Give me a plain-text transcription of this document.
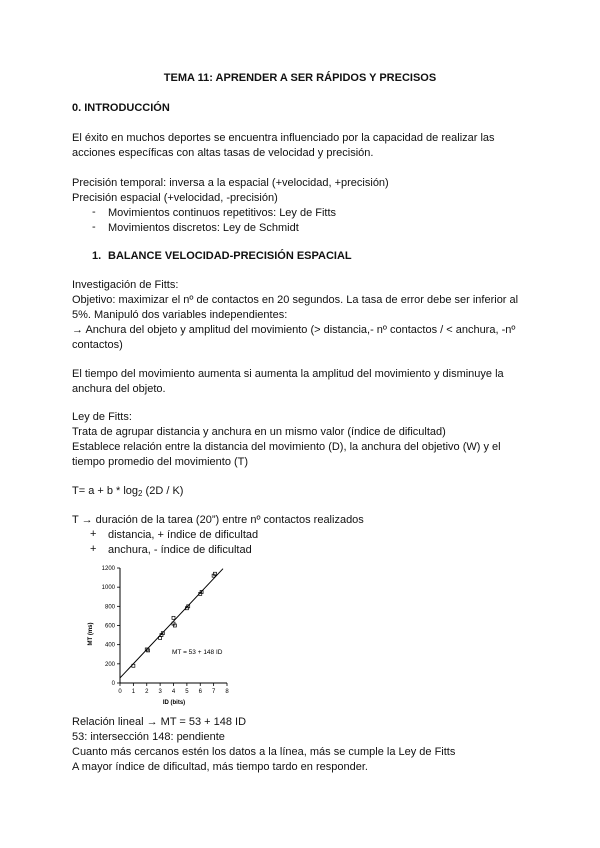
TEMA 11: APRENDER A SER RÁPIDOS Y PRECISOS
0. INTRODUCCIÓN
El éxito en muchos deportes se encuentra influenciado por la capacidad de realizar las
acciones específicas con altas tasas de velocidad y precisión.
Precisión temporal: inversa a la espacial (+velocidad, +precisión)
Precisión espacial (+velocidad, -precisión)
- Movimientos continuos repetitivos: Ley de Fitts
- Movimientos discretos: Ley de Schmidt
1. BALANCE VELOCIDAD-PRECISIÓN ESPACIAL
Investigación de Fitts:
Objetivo: maximizar el nº de contactos en 20 segundos. La tasa de error debe ser inferior al
5%. Manipuló dos variables independientes:
→ Anchura del objeto y amplitud del movimiento (> distancia,- nº contactos / < anchura, -nº
contactos)
El tiempo del movimiento aumenta si aumenta la amplitud del movimiento y disminuye la
anchura del objeto.
Ley de Fitts:
Trata de agrupar distancia y anchura en un mismo valor (índice de dificultad)
Establece relación entre la distancia del movimiento (D), la anchura del objetivo (W) y el
tiempo promedio del movimiento (T)
$T= a + b * \log_2 (2D / K)$
T → duración de la tarea (20”) entre nº contactos realizados
+ distancia, + índice de dificultad
+ anchura, - índice de dificultad
0
200
400
600
800
1000
1200
0 1 2 3 4 5 6 7 8
MT (ms)
ID (bits)
MT = 53 + 148 ID
Relación lineal → MT = 53 + 148 ID
53: intersección 148: pendiente
Cuanto más cercanos estén los datos a la línea, más se cumple la Ley de Fitts
A mayor índice de dificultad, más tiempo tardo en responder.
